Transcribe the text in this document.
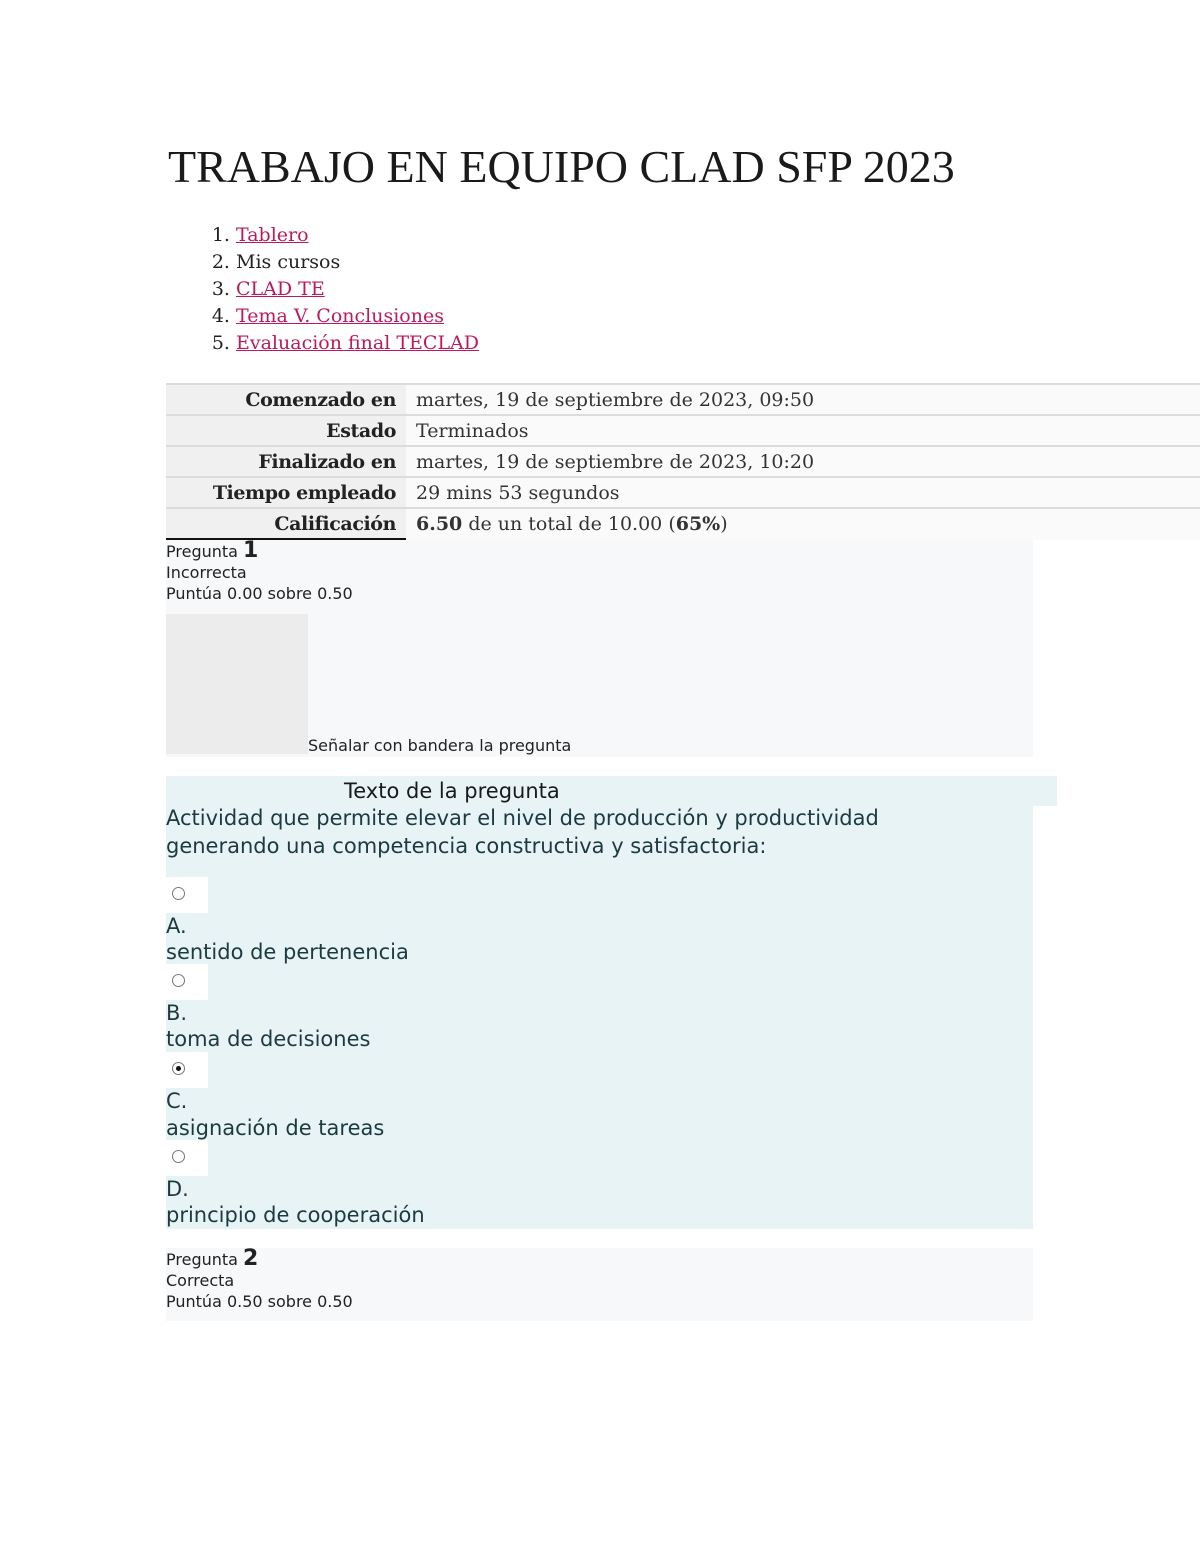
TRABAJO EN EQUIPO CLAD SFP 2023
1. Tablero
2. Mis cursos
3. CLAD TE
4. Tema V. Conclusiones
5. Evaluación final TECLAD
Comenzado en	martes, 19 de septiembre de 2023, 09:50
Estado	Terminados
Finalizado en	martes, 19 de septiembre de 2023, 10:20
Tiempo empleado	29 mins 53 segundos
Calificación	6.50 de un total de 10.00 (65%)
Pregunta 1
Incorrecta
Puntúa 0.00 sobre 0.50
Señalar con bandera la pregunta
Texto de la pregunta
Actividad que permite elevar el nivel de producción y productividad generando una competencia constructiva y satisfactoria:
A.
sentido de pertenencia
B.
toma de decisiones
C.
asignación de tareas
D.
principio de cooperación
Pregunta 2
Correcta
Puntúa 0.50 sobre 0.50
